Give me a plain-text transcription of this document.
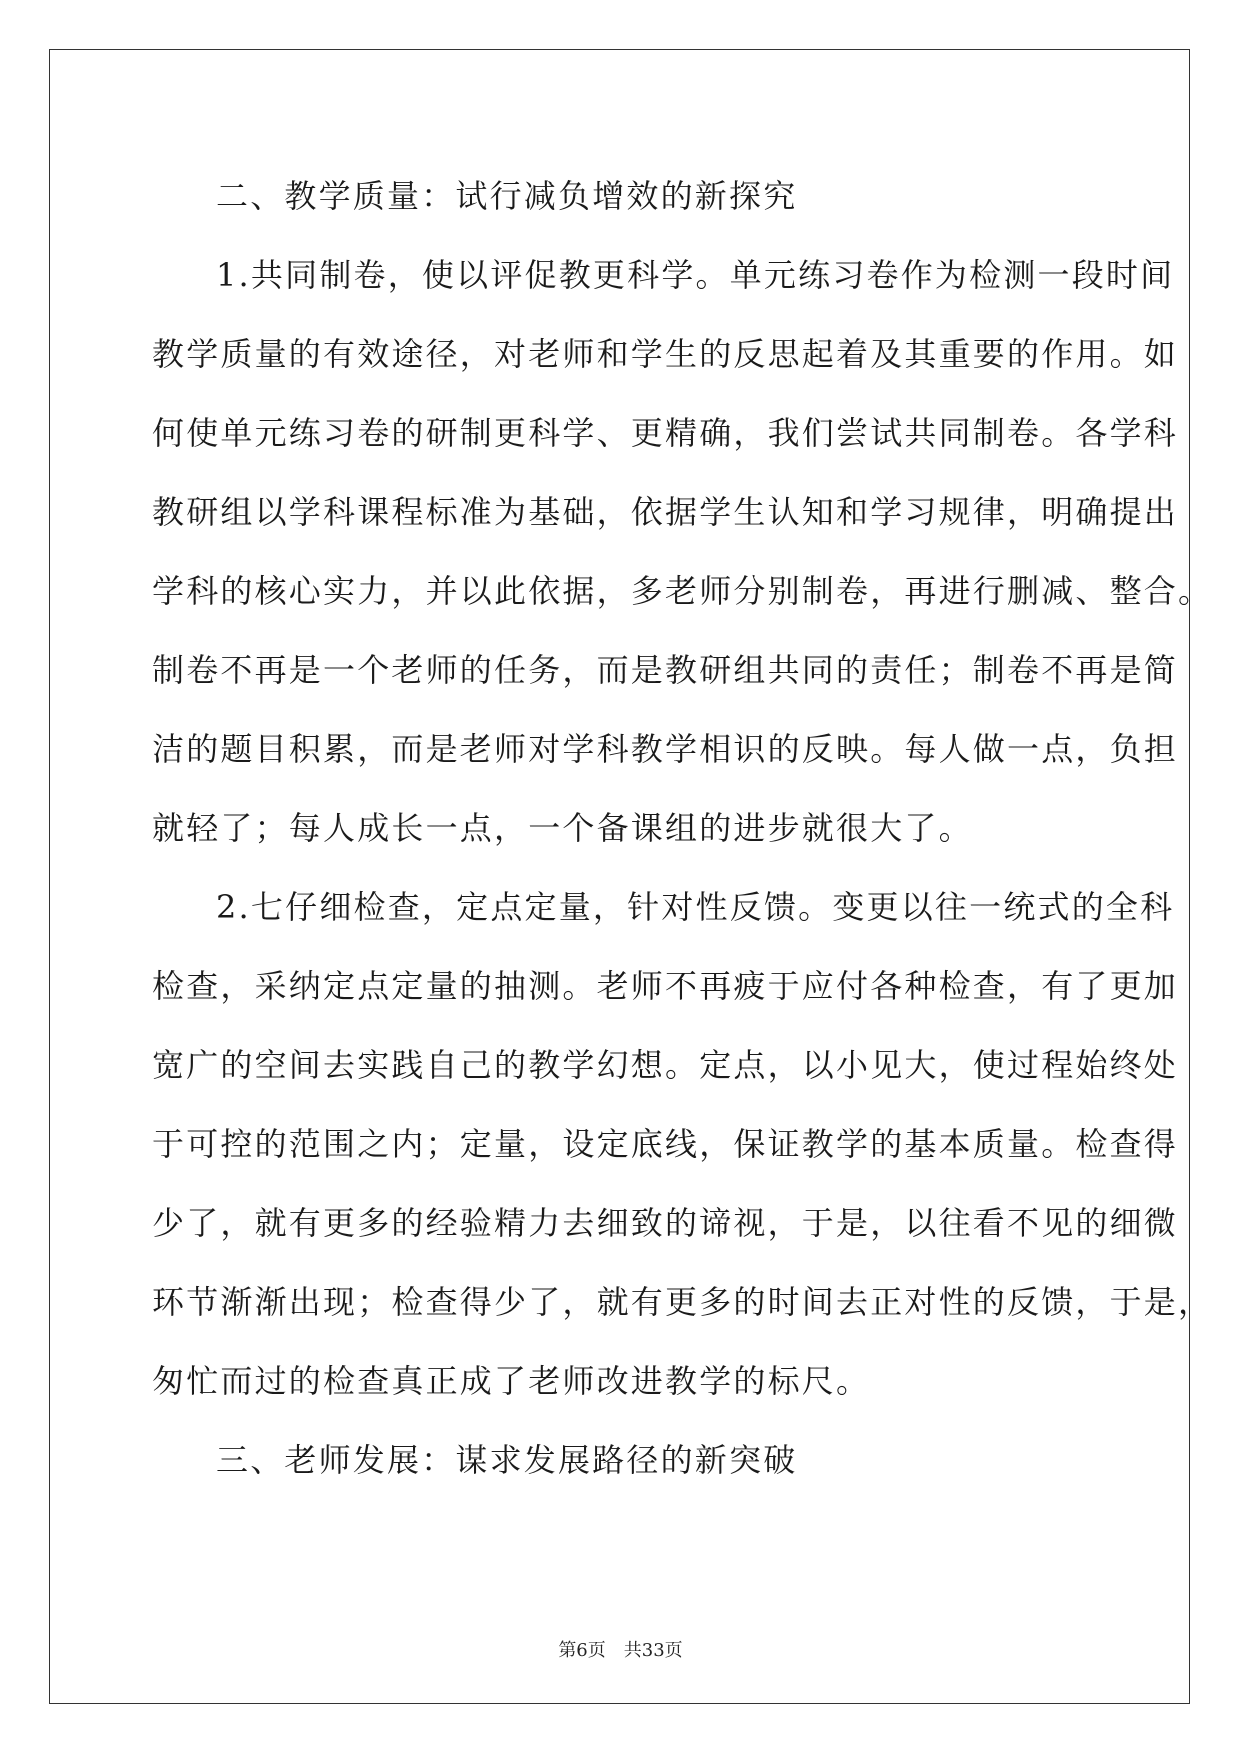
二、教学质量：试行减负增效的新探究
1.共同制卷，使以评促教更科学。单元练习卷作为检测一段时间
教学质量的有效途径，对老师和学生的反思起着及其重要的作用。如
何使单元练习卷的研制更科学、更精确，我们尝试共同制卷。各学科
教研组以学科课程标准为基础，依据学生认知和学习规律，明确提出
学科的核心实力，并以此依据，多老师分别制卷，再进行删减、整合。
制卷不再是一个老师的任务，而是教研组共同的责任；制卷不再是简
洁的题目积累，而是老师对学科教学相识的反映。每人做一点，负担
就轻了；每人成长一点，一个备课组的进步就很大了。
2.七仔细检查，定点定量，针对性反馈。变更以往一统式的全科
检查，采纳定点定量的抽测。老师不再疲于应付各种检查，有了更加
宽广的空间去实践自己的教学幻想。定点，以小见大，使过程始终处
于可控的范围之内；定量，设定底线，保证教学的基本质量。检查得
少了，就有更多的经验精力去细致的谛视，于是，以往看不见的细微
环节渐渐出现；检查得少了，就有更多的时间去正对性的反馈，于是，
匆忙而过的检查真正成了老师改进教学的标尺。
三、老师发展：谋求发展路径的新突破
第6页 共33页
